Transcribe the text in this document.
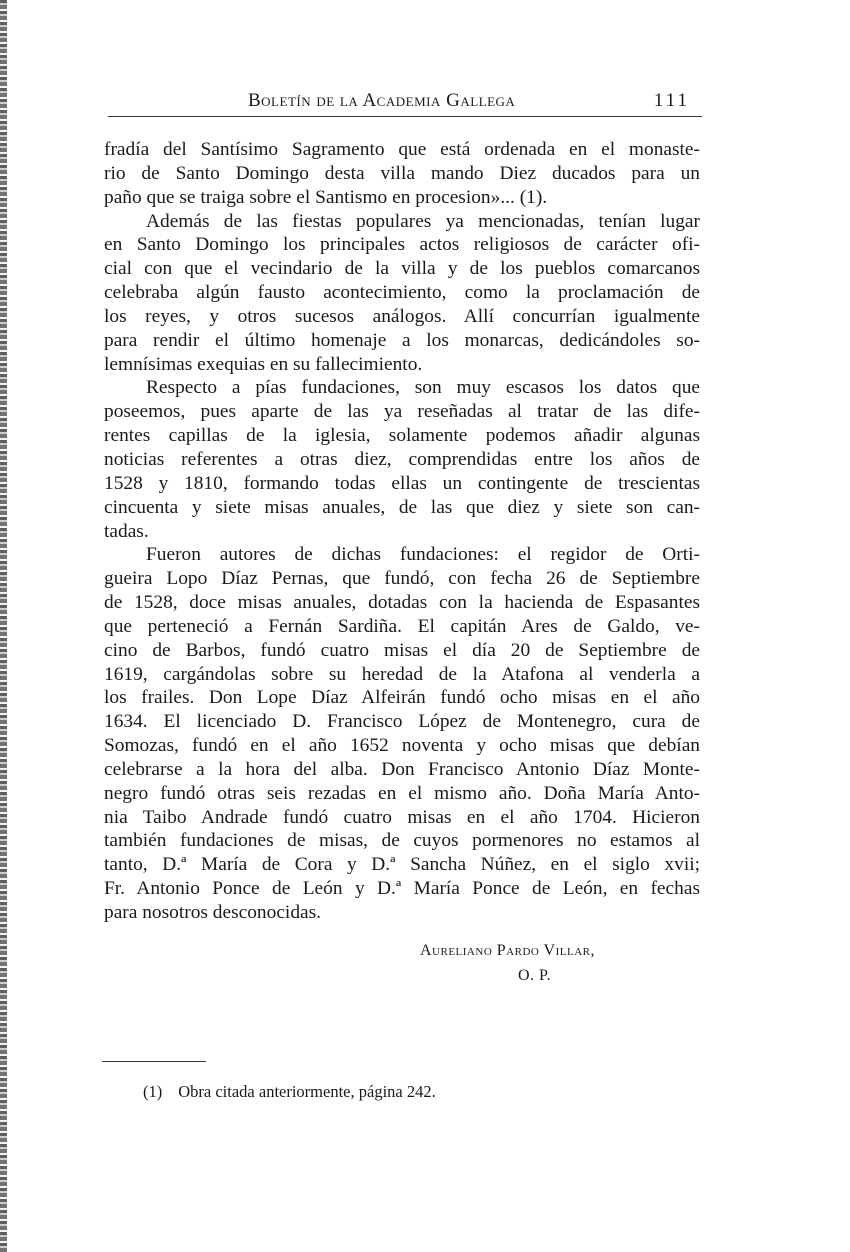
Boletín de la Academia Gallega	111
fradía del Santísimo Sagramento que está ordenada en el monaste-
rio de Santo Domingo desta villa mando Diez ducados para un
paño que se traiga sobre el Santismo en procesion»... (1).
Además de las fiestas populares ya mencionadas, tenían lugar
en Santo Domingo los principales actos religiosos de carácter ofi-
cial con que el vecindario de la villa y de los pueblos comarcanos
celebraba algún fausto acontecimiento, como la proclamación de
los reyes, y otros sucesos análogos. Allí concurrían igualmente
para rendir el último homenaje a los monarcas, dedicándoles so-
lemnísimas exequias en su fallecimiento.
Respecto a pías fundaciones, son muy escasos los datos que
poseemos, pues aparte de las ya reseñadas al tratar de las dife-
rentes capillas de la iglesia, solamente podemos añadir algunas
noticias referentes a otras diez, comprendidas entre los años de
1528 y 1810, formando todas ellas un contingente de trescientas
cincuenta y siete misas anuales, de las que diez y siete son can-
tadas.
Fueron autores de dichas fundaciones: el regidor de Orti-
gueira Lopo Díaz Pernas, que fundó, con fecha 26 de Septiembre
de 1528, doce misas anuales, dotadas con la hacienda de Espasantes
que perteneció a Fernán Sardiña. El capitán Ares de Galdo, ve-
cino de Barbos, fundó cuatro misas el día 20 de Septiembre de
1619, cargándolas sobre su heredad de la Atafona al venderla a
los frailes. Don Lope Díaz Alfeirán fundó ocho misas en el año
1634. El licenciado D. Francisco López de Montenegro, cura de
Somozas, fundó en el año 1652 noventa y ocho misas que debían
celebrarse a la hora del alba. Don Francisco Antonio Díaz Monte-
negro fundó otras seis rezadas en el mismo año. Doña María Anto-
nia Taibo Andrade fundó cuatro misas en el año 1704. Hicieron
también fundaciones de misas, de cuyos pormenores no estamos al
tanto, D.ª María de Cora y D.ª Sancha Núñez, en el siglo xvii;
Fr. Antonio Ponce de León y D.ª María Ponce de León, en fechas
para nosotros desconocidas.
Aureliano Pardo Villar,
O. P.
(1) Obra citada anteriormente, página 242.
